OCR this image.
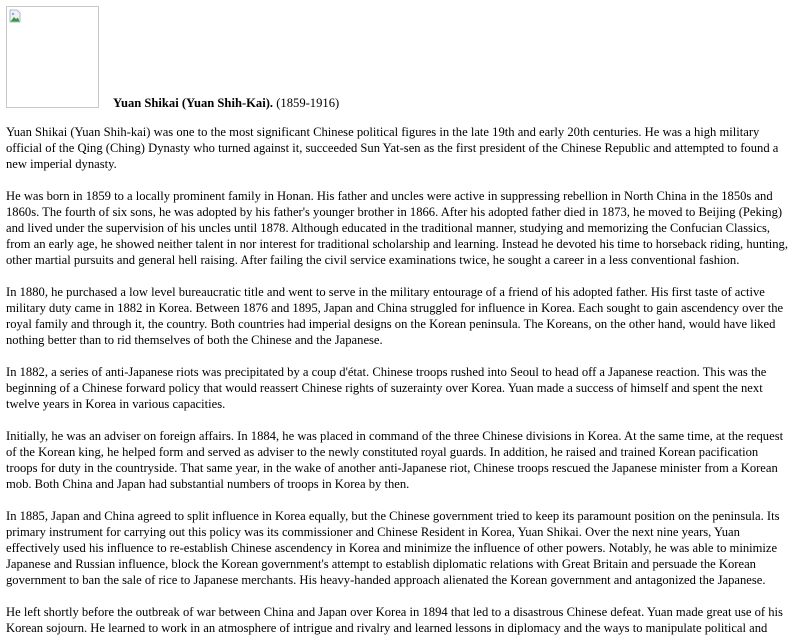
Yuan Shikai (Yuan Shih-Kai). (1859-1916)

Yuan Shikai (Yuan Shih-kai) was one to the most significant Chinese political figures in the late 19th and early 20th centuries. He was a high military official of the Qing (Ching) Dynasty who turned against it, succeeded Sun Yat-sen as the first president of the Chinese Republic and attempted to found a new imperial dynasty.

He was born in 1859 to a locally prominent family in Honan. His father and uncles were active in suppressing rebellion in North China in the 1850s and 1860s. The fourth of six sons, he was adopted by his father's younger brother in 1866. After his adopted father died in 1873, he moved to Beijing (Peking) and lived under the supervision of his uncles until 1878. Although educated in the traditional manner, studying and memorizing the Confucian Classics, from an early age, he showed neither talent in nor interest for traditional scholarship and learning. Instead he devoted his time to horseback riding, hunting, other martial pursuits and general hell raising. After failing the civil service examinations twice, he sought a career in a less conventional fashion.

In 1880, he purchased a low level bureaucratic title and went to serve in the military entourage of a friend of his adopted father. His first taste of active military duty came in 1882 in Korea. Between 1876 and 1895, Japan and China struggled for influence in Korea. Each sought to gain ascendency over the royal family and through it, the country. Both countries had imperial designs on the Korean peninsula. The Koreans, on the other hand, would have liked nothing better than to rid themselves of both the Chinese and the Japanese.

In 1882, a series of anti-Japanese riots was precipitated by a coup d'état. Chinese troops rushed into Seoul to head off a Japanese reaction. This was the beginning of a Chinese forward policy that would reassert Chinese rights of suzerainty over Korea. Yuan made a success of himself and spent the next twelve years in Korea in various capacities.

Initially, he was an adviser on foreign affairs. In 1884, he was placed in command of the three Chinese divisions in Korea. At the same time, at the request of the Korean king, he helped form and served as adviser to the newly constituted royal guards. In addition, he raised and trained Korean pacification troops for duty in the countryside. That same year, in the wake of another anti-Japanese riot, Chinese troops rescued the Japanese minister from a Korean mob. Both China and Japan had substantial numbers of troops in Korea by then.

In 1885, Japan and China agreed to split influence in Korea equally, but the Chinese government tried to keep its paramount position on the peninsula. Its primary instrument for carrying out this policy was its commissioner and Chinese Resident in Korea, Yuan Shikai. Over the next nine years, Yuan effectively used his influence to re-establish Chinese ascendency in Korea and minimize the influence of other powers. Notably, he was able to minimize Japanese and Russian influence, block the Korean government's attempt to establish diplomatic relations with Great Britain and persuade the Korean government to ban the sale of rice to Japanese merchants. His heavy-handed approach alienated the Korean government and antagonized the Japanese.

He left shortly before the outbreak of war between China and Japan over Korea in 1894 that led to a disastrous Chinese defeat. Yuan made great use of his Korean sojourn. He learned to work in an atmosphere of intrigue and rivalry and learned lessons in diplomacy and the ways to manipulate political and
